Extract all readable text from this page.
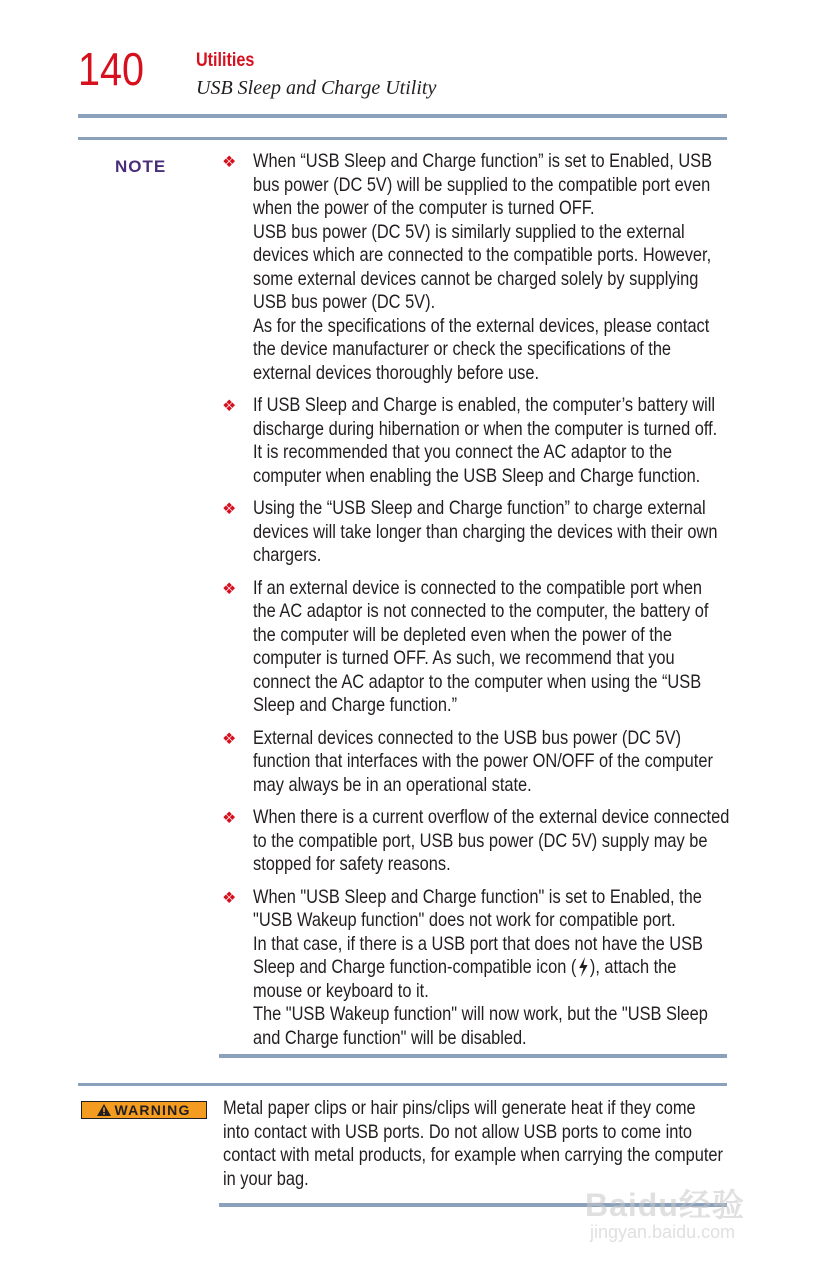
140	Utilities
USB Sleep and Charge Utility
NOTE	❖ When “USB Sleep and Charge function” is set to Enabled, USB
bus power (DC 5V) will be supplied to the compatible port even
when the power of the computer is turned OFF.
USB bus power (DC 5V) is similarly supplied to the external
devices which are connected to the compatible ports. However,
some external devices cannot be charged solely by supplying
USB bus power (DC 5V).
As for the specifications of the external devices, please contact
the device manufacturer or check the specifications of the
external devices thoroughly before use.
❖ If USB Sleep and Charge is enabled, the computer’s battery will
discharge during hibernation or when the computer is turned off.
It is recommended that you connect the AC adaptor to the
computer when enabling the USB Sleep and Charge function.
❖ Using the “USB Sleep and Charge function” to charge external
devices will take longer than charging the devices with their own
chargers.
❖ If an external device is connected to the compatible port when
the AC adaptor is not connected to the computer, the battery of
the computer will be depleted even when the power of the
computer is turned OFF. As such, we recommend that you
connect the AC adaptor to the computer when using the “USB
Sleep and Charge function.”
❖ External devices connected to the USB bus power (DC 5V)
function that interfaces with the power ON/OFF of the computer
may always be in an operational state.
❖ When there is a current overflow of the external device connected
to the compatible port, USB bus power (DC 5V) supply may be
stopped for safety reasons.
❖ When "USB Sleep and Charge function" is set to Enabled, the
"USB Wakeup function" does not work for compatible port.
In that case, if there is a USB port that does not have the USB
Sleep and Charge function-compatible icon ( ), attach the
mouse or keyboard to it.
The "USB Wakeup function" will now work, but the "USB Sleep
and Charge function" will be disabled.
WARNING Metal paper clips or hair pins/clips will generate heat if they come
into contact with USB ports. Do not allow USB ports to come into
contact with metal products, for example when carrying the computer
in your bag.
Baidu经验
jingyan.baidu.com
